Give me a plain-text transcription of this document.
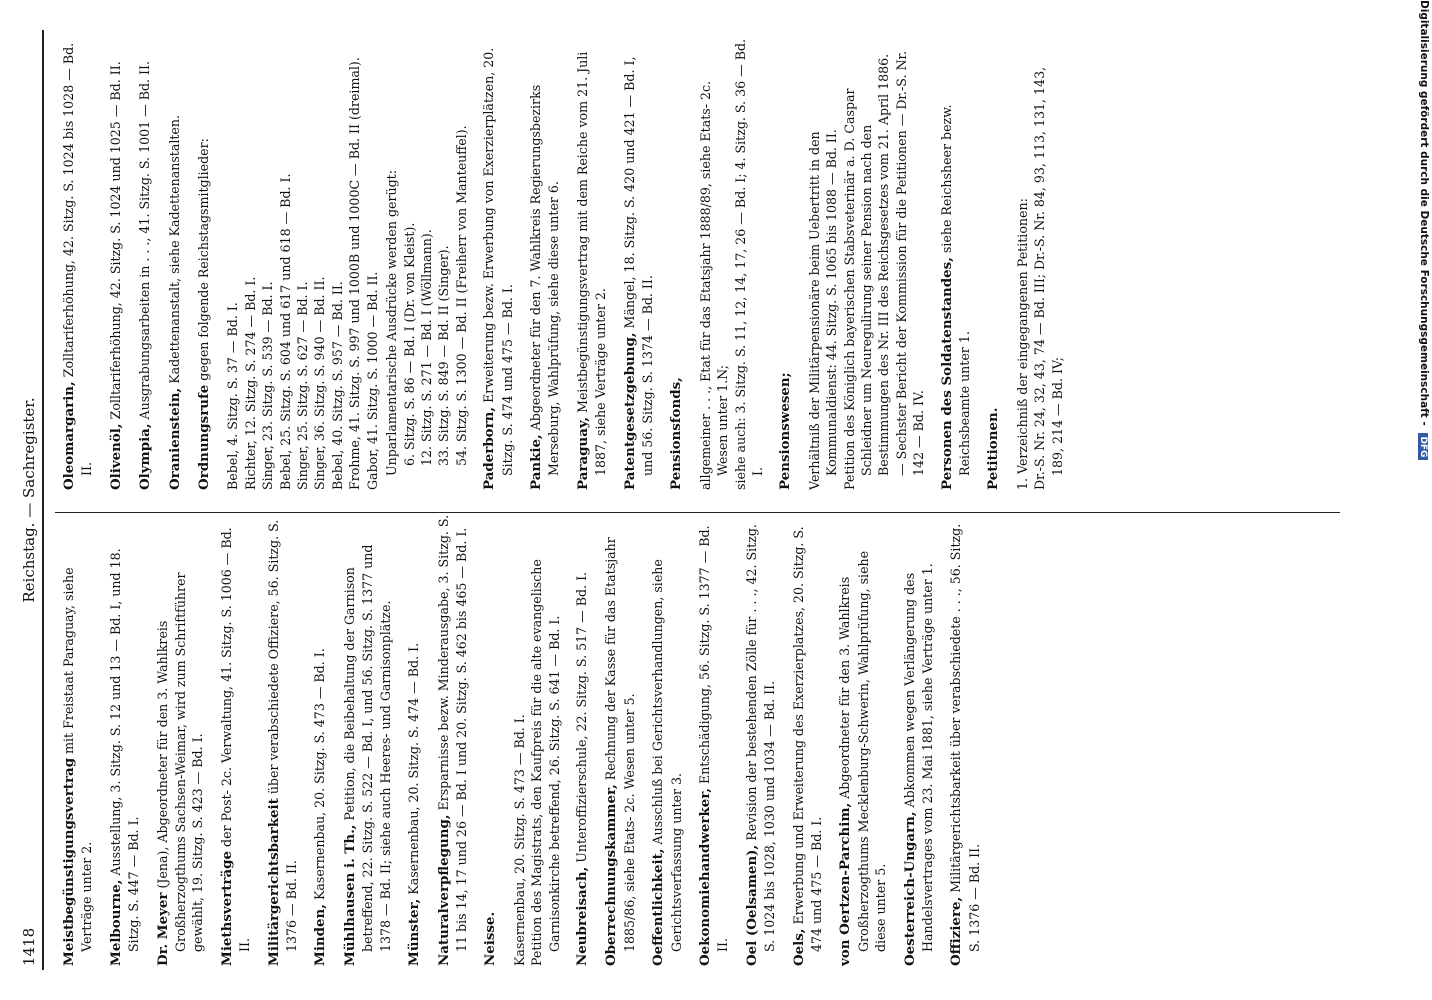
1418
Reichstag. — Sachregister.
Meistbegünstigungsvertrag mit Freistaat Paraguay, siehe Verträge unter 2. Melbourne, Ausstellung, 3. Sitzg. S. 12 und 13 — Bd. I, und 18. Sitzg. S. 447 — Bd. I. Dr. Meyer (Jena), Abgeordneter für den 3. Wahlkreis Großherzogthums Sachsen-Weimar, wird zum Schriftführer gewählt, 19. Sitzg. S. 423 — Bd. I. Miethsverträge der Post- 2c. Verwaltung, 41. Sitzg. S. 1006 — Bd. II. Militärgerichtsbarkeit über verabschiedete Offiziere, 56. Sitzg. S. 1376 — Bd. II. Minden, Kasernenbau, 20. Sitzg. S. 473 — Bd. I. Mühlhausen i. Th., Petition, die Beibehaltung der Garnison betreffend, 22. Sitzg. S. 522 — Bd. I, und 56. Sitzg. S. 1377 und 1378 — Bd. II; siehe auch Heeres- und Garnisonplätze. Münster, Kasernenbau, 20. Sitzg. S. 474 — Bd. I. Naturalverpflegung, Ersparnisse bezw. Minderausgabe, 3. Sitzg. S. 11 bis 14, 17 und 26 — Bd. I und 20. Sitzg. S. 462 bis 465 — Bd. I. Neisse. Kasernenbau, 20. Sitzg. S. 473 — Bd. I. Petition des Magistrats, den Kaufpreis für die alte evangelische Garnisonkirche betreffend, 26. Sitzg. S. 641 — Bd. I. Neubreisach, Unteroffizierschule, 22. Sitzg. S. 517 — Bd. I.
Oberrechnungskammer, Rechnung der Kasse für das Etatsjahr 1885/86, siehe Etats- 2c. Wesen unter 5. Oeffentlichkeit, Ausschluß bei Gerichtsverhandlungen, siehe Gerichtsverfassung unter 3. Oekonomiehandwerker, Entschädigung, 56. Sitzg. S. 1377 — Bd. II. Oel (Oelsamen), Revision der bestehenden Zölle für . . ., 42. Sitzg. S. 1024 bis 1028, 1030 und 1034 — Bd. II. Oels, Erwerbung und Erweiterung des Exerzierplatzes, 20. Sitzg. S. 474 und 475 — Bd. I. von Oertzen-Parchim, Abgeordneter für den 3. Wahlkreis Großherzogthums Mecklenburg-Schwerin, Wahlprüfung, siehe diese unter 5. Oesterreich-Ungarn, Abkommen wegen Verlängerung des Handelsvertrages vom 23. Mai 1881, siehe Verträge unter 1. Offiziere, Militärgerichtsbarkeit über verabschiedete . . ., 56. Sitzg. S. 1376 — Bd. II.
Oleomargarin, Zolltariferhöhung, 42. Sitzg. S. 1024 bis 1028 — Bd. II. Olivenöl, Zolltariferhöhung, 42. Sitzg. S. 1024 und 1025 — Bd. II.
Olympia, Ausgrabungsarbeiten in . . ., 41. Sitzg. S. 1001 — Bd. II.
Oranienstein, Kadettenanstalt, siehe Kadettenanstalten.
Ordnungsrufe gegen folgende Reichstagsmitglieder:
Bebel, 4. Sitzg. S. 37 — Bd. I. Richter, 12. Sitzg. S. 274 — Bd. I. Singer, 23. Sitzg. S. 539 — Bd. I. Bebel, 25. Sitzg. S. 604 und 617 und 618 — Bd. I. Singer, 25. Sitzg. S. 627 — Bd. I. Singer, 36. Sitzg. S. 940 — Bd. II. Bebel, 40. Sitzg. S. 957 — Bd. II. Frohme, 41. Sitzg. S. 997 und 1000B und 1000C — Bd. II (dreimal). Gabor, 41. Sitzg. S. 1000 — Bd. II. Unparlamentarische Ausdrücke werden gerügt: 6. Sitzg. S. 86 — Bd. I (Dr. von Kleist). 12. Sitzg. S. 271 — Bd. I (Wöllmann). 33. Sitzg. S. 849 — Bd. II (Singer). 54. Sitzg. S. 1300 — Bd. II (Freiherr von Manteuffel). Paderborn, Erweiterung bezw. Erwerbung von Exerzierplätzen, 20. Sitzg. S. 474 und 475 — Bd. I. Pankie, Abgeordneter für den 7. Wahlkreis Regierungsbezirks Merseburg, Wahlprüfung, siehe diese unter 6. Paraguay, Meistbegünstigungsvertrag mit dem Reiche vom 21. Juli 1887, siehe Verträge unter 2. Patentgesetzgebung, Mängel, 18. Sitzg. S. 420 und 421 — Bd. I, und 56. Sitzg. S. 1374 — Bd. II. Pensionsfonds, allgemeiner . . ., Etat für das Etatsjahr 1888/89, siehe Etats- 2c. Wesen unter 1.N; siehe auch: 3. Sitzg. S. 11, 12, 14, 17, 26 — Bd. I; 4. Sitzg. S. 36 — Bd. I. Pensionswesen; Verhältniß der Militärpensionäre beim Uebertritt in den Kommunaldienst: 44. Sitzg. S. 1065 bis 1088 — Bd. II. Petition des Königlich bayerischen Stabsveterinär a. D. Caspar Schleidner um Neuregulirung seiner Pension nach den Bestimmungen des Nr. III des Reichsgesetzes vom 21. April 1886. — Sechster Bericht der Kommission für die Petitionen — Dr.-S. Nr. 142 — Bd. IV. Personen des Soldatenstandes, siehe Reichsheer bezw. Reichsbeamte unter 1. Petitionen. 1. Verzeichniß der eingegangenen Petitionen: Dr.-S. Nr. 24, 32, 43, 74 — Bd. III; Dr.-S. Nr. 84, 93, 113, 131, 143, 189, 214 — Bd. IV;	Digitalisierung gefördert durch die Deutsche Forschungsgemeinschaft - DFG
